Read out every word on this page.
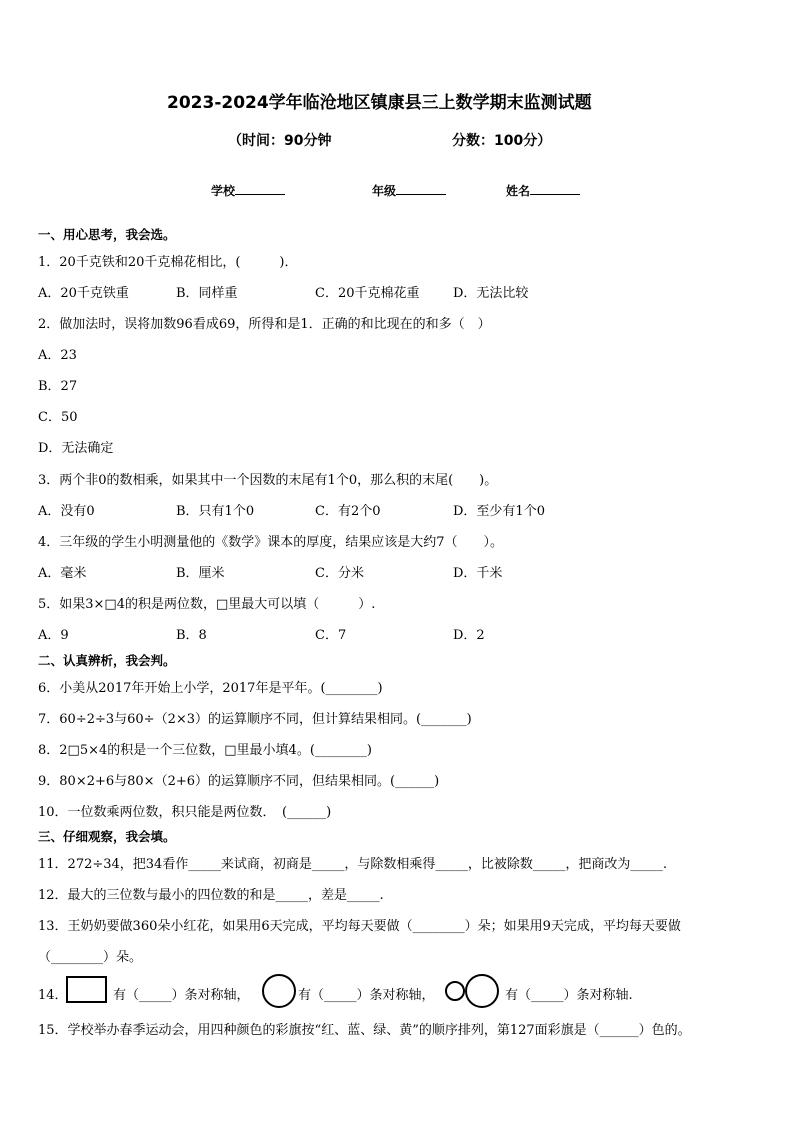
2023-2024学年临沧地区镇康县三上数学期末监测试题
（时间：90分钟	分数：100分）
学校	年级	姓名
一、用心思考，我会选。
1．20千克铁和20千克棉花相比，(　　　)．
A．20千克铁重	B．同样重	C．20千克棉花重	D．无法比较
2．做加法时，误将加数96看成69，所得和是1．正确的和比现在的和多（　）
A．23
B．27
C．50
D．无法确定
3．两个非0的数相乘，如果其中一个因数的末尾有1个0，那么积的末尾(　　)。
A．没有0	B．只有1个0	C．有2个0	D．至少有1个0
4．三年级的学生小明测量他的《数学》课本的厚度，结果应该是大约7（　　）。
A．毫米	B．厘米	C．分米	D．千米
5．如果3×□4的积是两位数，□里最大可以填（　　　）.
A．9	B．8	C．7	D．2
二、认真辨析，我会判。
6．小美从2017年开始上小学，2017年是平年。(________)
7．60÷2÷3与60÷（2×3）的运算顺序不同，但计算结果相同。(_______)
8．2□5×4的积是一个三位数，□里最小填4。(________)
9．80×2+6与80×（2+6）的运算顺序不同，但结果相同。(______)
10．一位数乘两位数，积只能是两位数．　(______)
三、仔细观察，我会填。
11．272÷34，把34看作_____来试商，初商是_____，与除数相乘得_____，比被除数_____，把商改为_____.
12．最大的三位数与最小的四位数的和是_____，差是_____.
13．王奶奶要做360朵小红花，如果用6天完成，平均每天要做（________）朵；如果用9天完成，平均每天要做
（________）朵。
14．	有（_____）条对称轴，	有（_____）条对称轴，	有（_____）条对称轴.
15．学校举办春季运动会，用四种颜色的彩旗按“红、蓝、绿、黄”的顺序排列，第127面彩旗是（______）色的。
